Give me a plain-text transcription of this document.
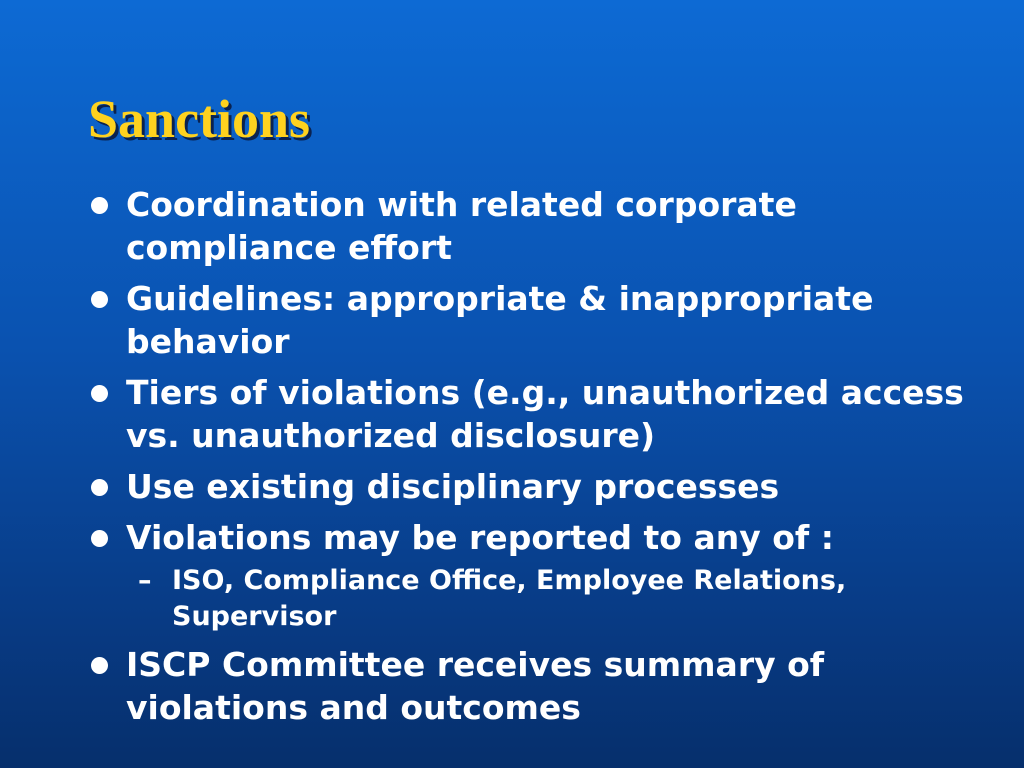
Sanctions
Coordination with related corporate compliance effort
Guidelines: appropriate & inappropriate behavior
Tiers of violations (e.g., unauthorized access vs. unauthorized disclosure)
Use existing disciplinary processes
Violations may be reported to any of :
– ISO, Compliance Office, Employee Relations, Supervisor
ISCP Committee receives summary of violations and outcomes
